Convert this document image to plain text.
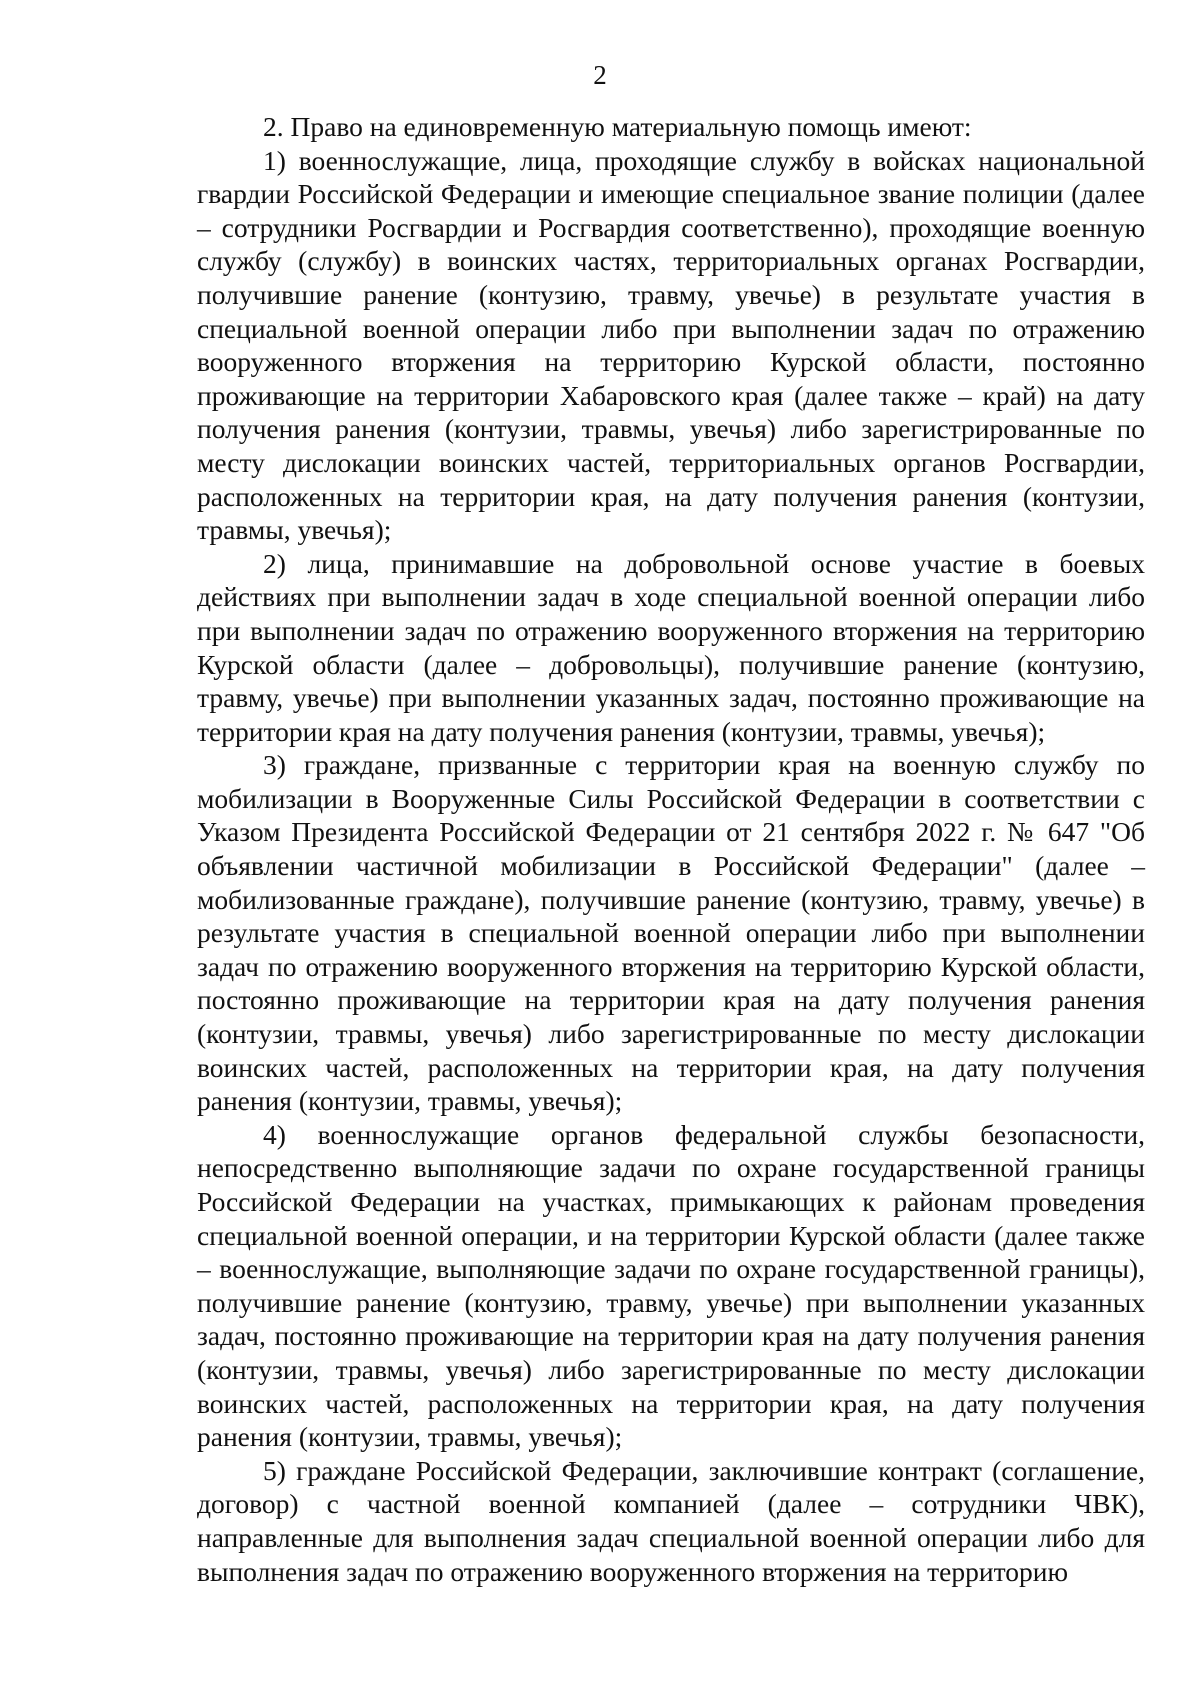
2

2. Право на единовременную материальную помощь имеют:

1) военнослужащие, лица, проходящие службу в войсках национальной гвардии Российской Федерации и имеющие специальное звание полиции (далее – сотрудники Росгвардии и Росгвардия соответственно), проходящие военную службу (службу) в воинских частях, территориальных органах Росгвардии, получившие ранение (контузию, травму, увечье) в результате участия в специальной военной операции либо при выполнении задач по отражению вооруженного вторжения на территорию Курской области, постоянно проживающие на территории Хабаровского края (далее также – край) на дату получения ранения (контузии, травмы, увечья) либо зарегистрированные по месту дислокации воинских частей, территориальных органов Росгвардии, расположенных на территории края, на дату получения ранения (контузии, травмы, увечья);

2) лица, принимавшие на добровольной основе участие в боевых действиях при выполнении задач в ходе специальной военной операции либо при выполнении задач по отражению вооруженного вторжения на территорию Курской области (далее – добровольцы), получившие ранение (контузию, травму, увечье) при выполнении указанных задач, постоянно проживающие на территории края на дату получения ранения (контузии, травмы, увечья);

3) граждане, призванные с территории края на военную службу по мобилизации в Вооруженные Силы Российской Федерации в соответствии с Указом Президента Российской Федерации от 21 сентября 2022 г. № 647 "Об объявлении частичной мобилизации в Российской Федерации" (далее – мобилизованные граждане), получившие ранение (контузию, травму, увечье) в результате участия в специальной военной операции либо при выполнении задач по отражению вооруженного вторжения на территорию Курской области, постоянно проживающие на территории края на дату получения ранения (контузии, травмы, увечья) либо зарегистрированные по месту дислокации воинских частей, расположенных на территории края, на дату получения ранения (контузии, травмы, увечья);

4) военнослужащие органов федеральной службы безопасности, непосредственно выполняющие задачи по охране государственной границы Российской Федерации на участках, примыкающих к районам проведения специальной военной операции, и на территории Курской области (далее также – военнослужащие, выполняющие задачи по охране государственной границы), получившие ранение (контузию, травму, увечье) при выполнении указанных задач, постоянно проживающие на территории края на дату получения ранения (контузии, травмы, увечья) либо зарегистрированные по месту дислокации воинских частей, расположенных на территории края, на дату получения ранения (контузии, травмы, увечья);

5) граждане Российской Федерации, заключившие контракт (соглашение, договор) с частной военной компанией (далее – сотрудники ЧВК), направленные для выполнения задач специальной военной операции либо для выполнения задач по отражению вооруженного вторжения на территорию
